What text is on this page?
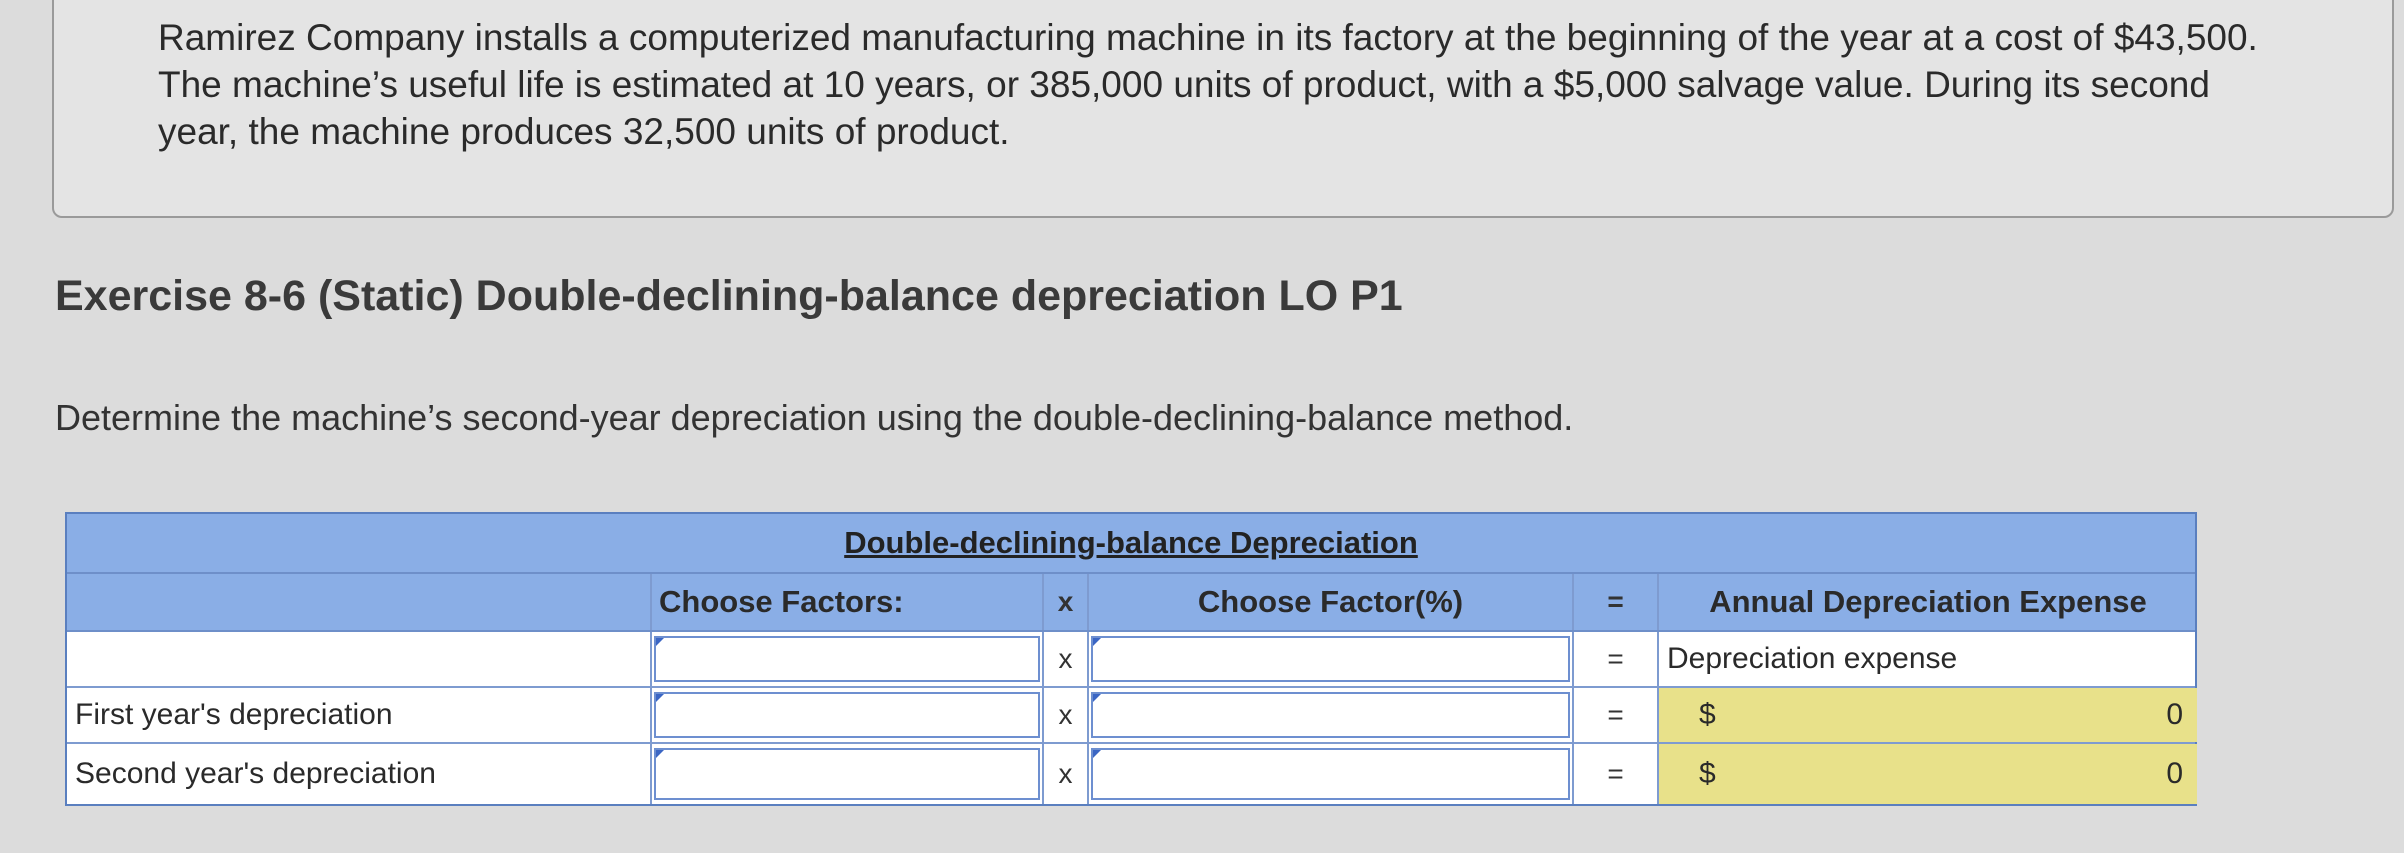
Ramirez Company installs a computerized manufacturing machine in its factory at the beginning of the year at a cost of $43,500. The machine’s useful life is estimated at 10 years, or 385,000 units of product, with a $5,000 salvage value. During its second year, the machine produces 32,500 units of product.

Exercise 8-6 (Static) Double-declining-balance depreciation LO P1

Determine the machine’s second-year depreciation using the double-declining-balance method.

Double-declining-balance Depreciation
Choose Factors:	x	Choose Factor(%)	=	Annual Depreciation Expense
x	=	Depreciation expense
First year's depreciation	x	=	$	0
Second year's depreciation	x	=	$	0
